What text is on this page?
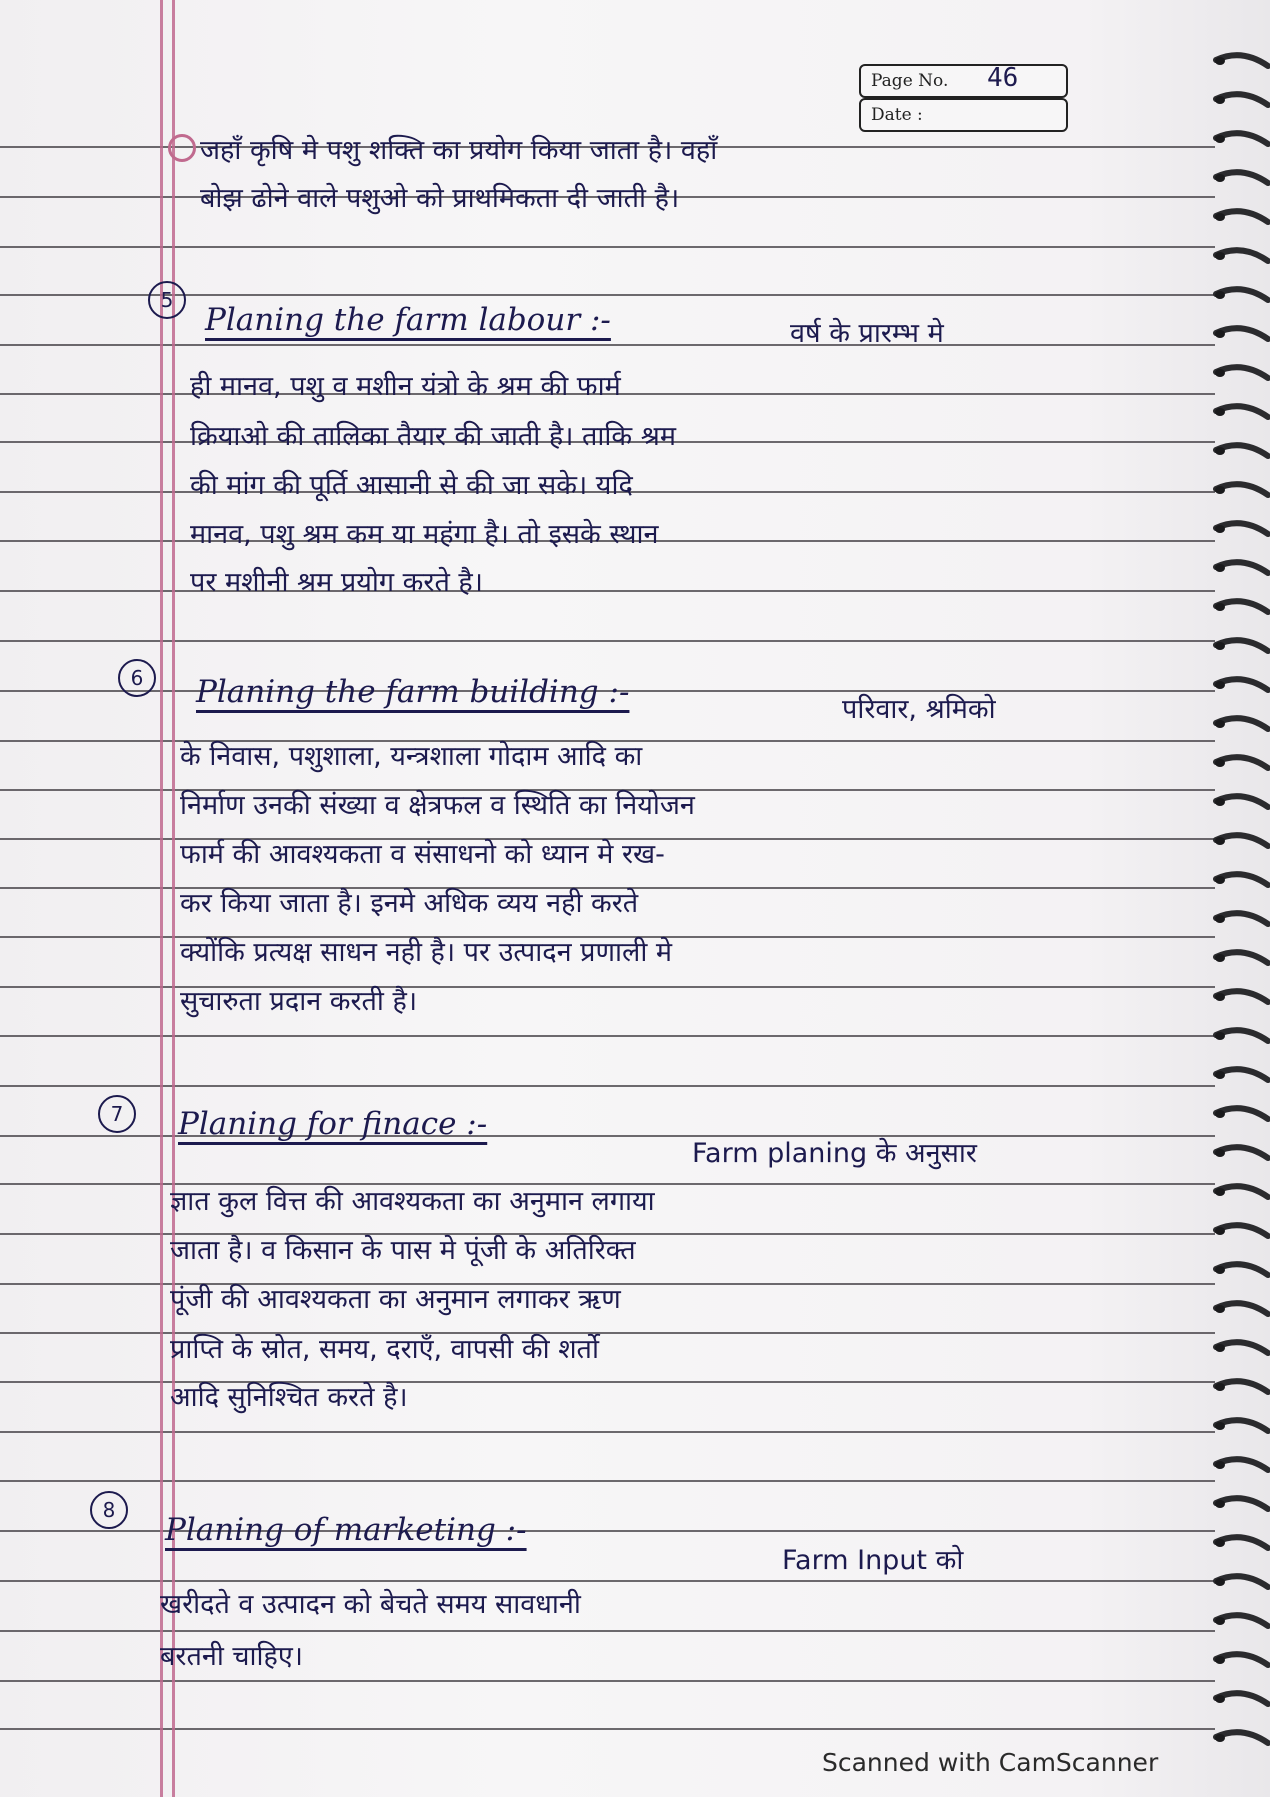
Page No. 46
Date :
जहाँ कृषि मे पशु शक्ति का प्रयोग किया जाता है। वहाँ
बोझ ढोने वाले पशुओ को प्राथमिकता दी जाती है।
5
Planing the farm labour :-	वर्ष के प्रारम्भ मे
ही मानव, पशु व मशीन यंत्रो के श्रम की फार्म
क्रियाओ की तालिका तैयार की जाती है। ताकि श्रम
की मांग की पूर्ति आसानी से की जा सके। यदि
मानव, पशु श्रम कम या महंगा है। तो इसके स्थान
पर मशीनी श्रम प्रयोग करते है।
6	Planing the farm building :-	परिवार, श्रमिको
के निवास, पशुशाला, यन्त्रशाला गोदाम आदि का
निर्माण उनकी संख्या व क्षेत्रफल व स्थिति का नियोजन
फार्म की आवश्यकता व संसाधनो को ध्यान मे रख-
कर किया जाता है। इनमे अधिक व्यय नही करते
क्योंकि प्रत्यक्ष साधन नही है। पर उत्पादन प्रणाली मे
सुचारुता प्रदान करती है।
7	Planing for finace :-
Farm planing के अनुसार
ज्ञात कुल वित्त की आवश्यकता का अनुमान लगाया
जाता है। व किसान के पास मे पूंजी के अतिरिक्त
पूंजी की आवश्यकता का अनुमान लगाकर ऋण
प्राप्ति के स्रोत, समय, दराएँ, वापसी की शर्तो
आदि सुनिश्चित करते है।
8
Planing of marketing :-
Farm Input को
खरीदते व उत्पादन को बेचते समय सावधानी
बरतनी चाहिए।
Scanned with CamScanner
